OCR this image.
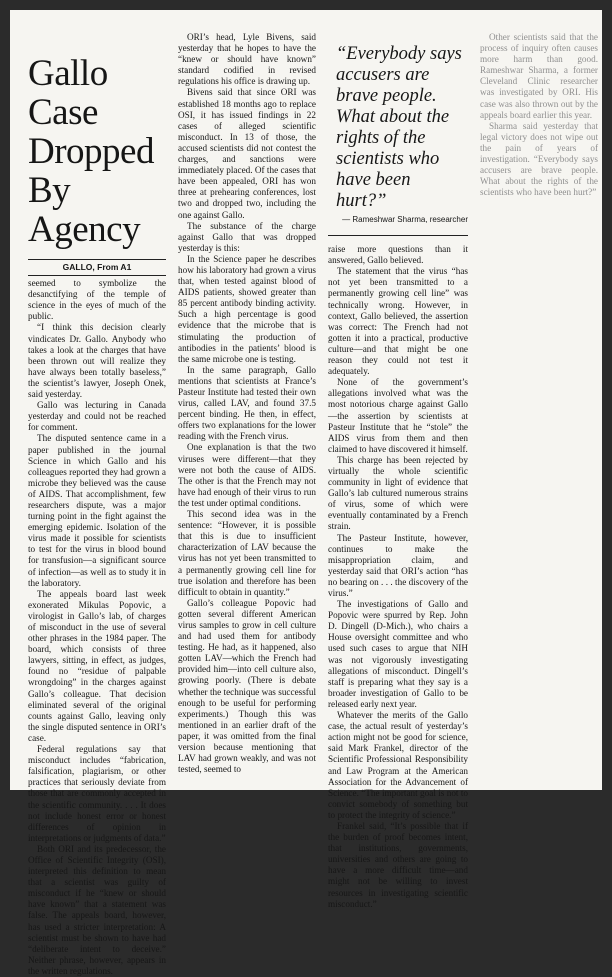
Gallo Case Dropped By Agency
GALLO, From A1

seemed to symbolize the desanctifying of the temple of science in the eyes of much of the public.

“I think this decision clearly vindicates Dr. Gallo. Anybody who takes a look at the charges that have been thrown out will realize they have always been totally baseless,” the scientist’s lawyer, Joseph Onek, said yesterday.

Gallo was lecturing in Canada yesterday and could not be reached for comment.

The disputed sentence came in a paper published in the journal Science in which Gallo and his colleagues reported they had grown a microbe they believed was the cause of AIDS. That accomplishment, few researchers dispute, was a major turning point in the fight against the emerging epidemic. Isolation of the virus made it possible for scientists to test for the virus in blood bound for transfusion—a significant source of infection—as well as to study it in the laboratory.

The appeals board last week exonerated Mikulas Popovic, a virologist in Gallo’s lab, of charges of misconduct in the use of several other phrases in the 1984 paper. The board, which consists of three lawyers, sitting, in effect, as judges, found no “residue of palpable wrongdoing” in the charges against Gallo’s colleague. That decision eliminated several of the original counts against Gallo, leaving only the single disputed sentence in ORI’s case.

Federal regulations say that misconduct includes “fabrication, falsification, plagiarism, or other practices that seriously deviate from those that are commonly accepted in the scientific community. . . . It does not include honest error or honest differences of opinion in interpretations or judgments of data.”

Both ORI and its predecessor, the Office of Scientific Integrity (OSI), interpreted this definition to mean that a scientist was guilty of misconduct if he “knew or should have known” that a statement was false. The appeals board, however, has used a stricter interpretation: A scientist must be shown to have had “deliberate intent to deceive.” Neither phrase, however, appears in the written regulations.

ORI’s head, Lyle Bivens, said yesterday that he hopes to have the “knew or should have known” standard codified in revised regulations his office is drawing up.

Bivens said that since ORI was established 18 months ago to replace OSI, it has issued findings in 22 cases of alleged scientific misconduct. In 13 of those, the accused scientists did not contest the charges, and sanctions were immediately placed. Of the cases that have been appealed, ORI has won three at prehearing conferences, lost two and dropped two, including the one against Gallo.

The substance of the charge against Gallo that was dropped yesterday is this:

In the Science paper he describes how his laboratory had grown a virus that, when tested against blood of AIDS patients, showed greater than 85 percent antibody binding activity. Such a high percentage is good evidence that the microbe that is stimulating the production of antibodies in the patients’ blood is the same microbe one is testing.

In the same paragraph, Gallo mentions that scientists at France’s Pasteur Institute had tested their own virus, called LAV, and found 37.5 percent binding. He then, in effect, offers two explanations for the lower reading with the French virus.

One explanation is that the two viruses were different—that they were not both the cause of AIDS. The other is that the French may not have had enough of their virus to run the test under optimal conditions.

This second idea was in the sentence: “However, it is possible that this is due to insufficient characterization of LAV because the virus has not yet been transmitted to a permanently growing cell line for true isolation and therefore has been difficult to obtain in quantity.”

Gallo’s colleague Popovic had gotten several different American virus samples to grow in cell culture and had used them for antibody testing. He had, as it happened, also gotten LAV—which the French had provided him—into cell culture also, growing poorly. (There is debate whether the technique was successful enough to be useful for performing experiments.) Though this was mentioned in an earlier draft of the paper, it was omitted from the final version because mentioning that LAV had grown weakly, and was not tested, seemed to

“Everybody says accusers are brave people. What about the rights of the scientists who have been hurt?”
— Rameshwar Sharma, researcher

raise more questions than it answered, Gallo believed.

The statement that the virus “has not yet been transmitted to a permanently growing cell line” was technically wrong. However, in context, Gallo believed, the assertion was correct: The French had not gotten it into a practical, productive culture—and that might be one reason they could not test it adequately.

None of the government’s allegations involved what was the most notorious charge against Gallo—the assertion by scientists at Pasteur Institute that he “stole” the AIDS virus from them and then claimed to have discovered it himself.

This charge has been rejected by virtually the whole scientific community in light of evidence that Gallo’s lab cultured numerous strains of virus, some of which were eventually contaminated by a French strain.

The Pasteur Institute, however, continues to make the misappropriation claim, and yesterday said that ORI’s action “has no bearing on . . . the discovery of the virus.”

The investigations of Gallo and Popovic were spurred by Rep. John D. Dingell (D-Mich.), who chairs a House oversight committee and who used such cases to argue that NIH was not vigorously investigating allegations of misconduct. Dingell’s staff is preparing what they say is a broader investigation of Gallo to be released early next year.

Whatever the merits of the Gallo case, the actual result of yesterday’s action might not be good for science, said Mark Frankel, director of the Scientific Professional Responsibility and Law Program at the American Association for the Advancement of Science. “The important goal is not to convict somebody of something but to protect the integrity of science.”

Frankel said, “It’s possible that if the burden of proof becomes intent, that institutions, governments, universities and others are going to have a more difficult time—and might not be willing to invest resources in investigating scientific misconduct.”

Other scientists said that the process of inquiry often causes more harm than good. Rameshwar Sharma, a former Cleveland Clinic researcher was investigated by ORI. His case was also thrown out by the appeals board earlier this year.

Sharma said yesterday that legal victory does not wipe out the pain of years of investigation. “Everybody says accusers are brave people. What about the rights of the scientists who have been hurt?”
